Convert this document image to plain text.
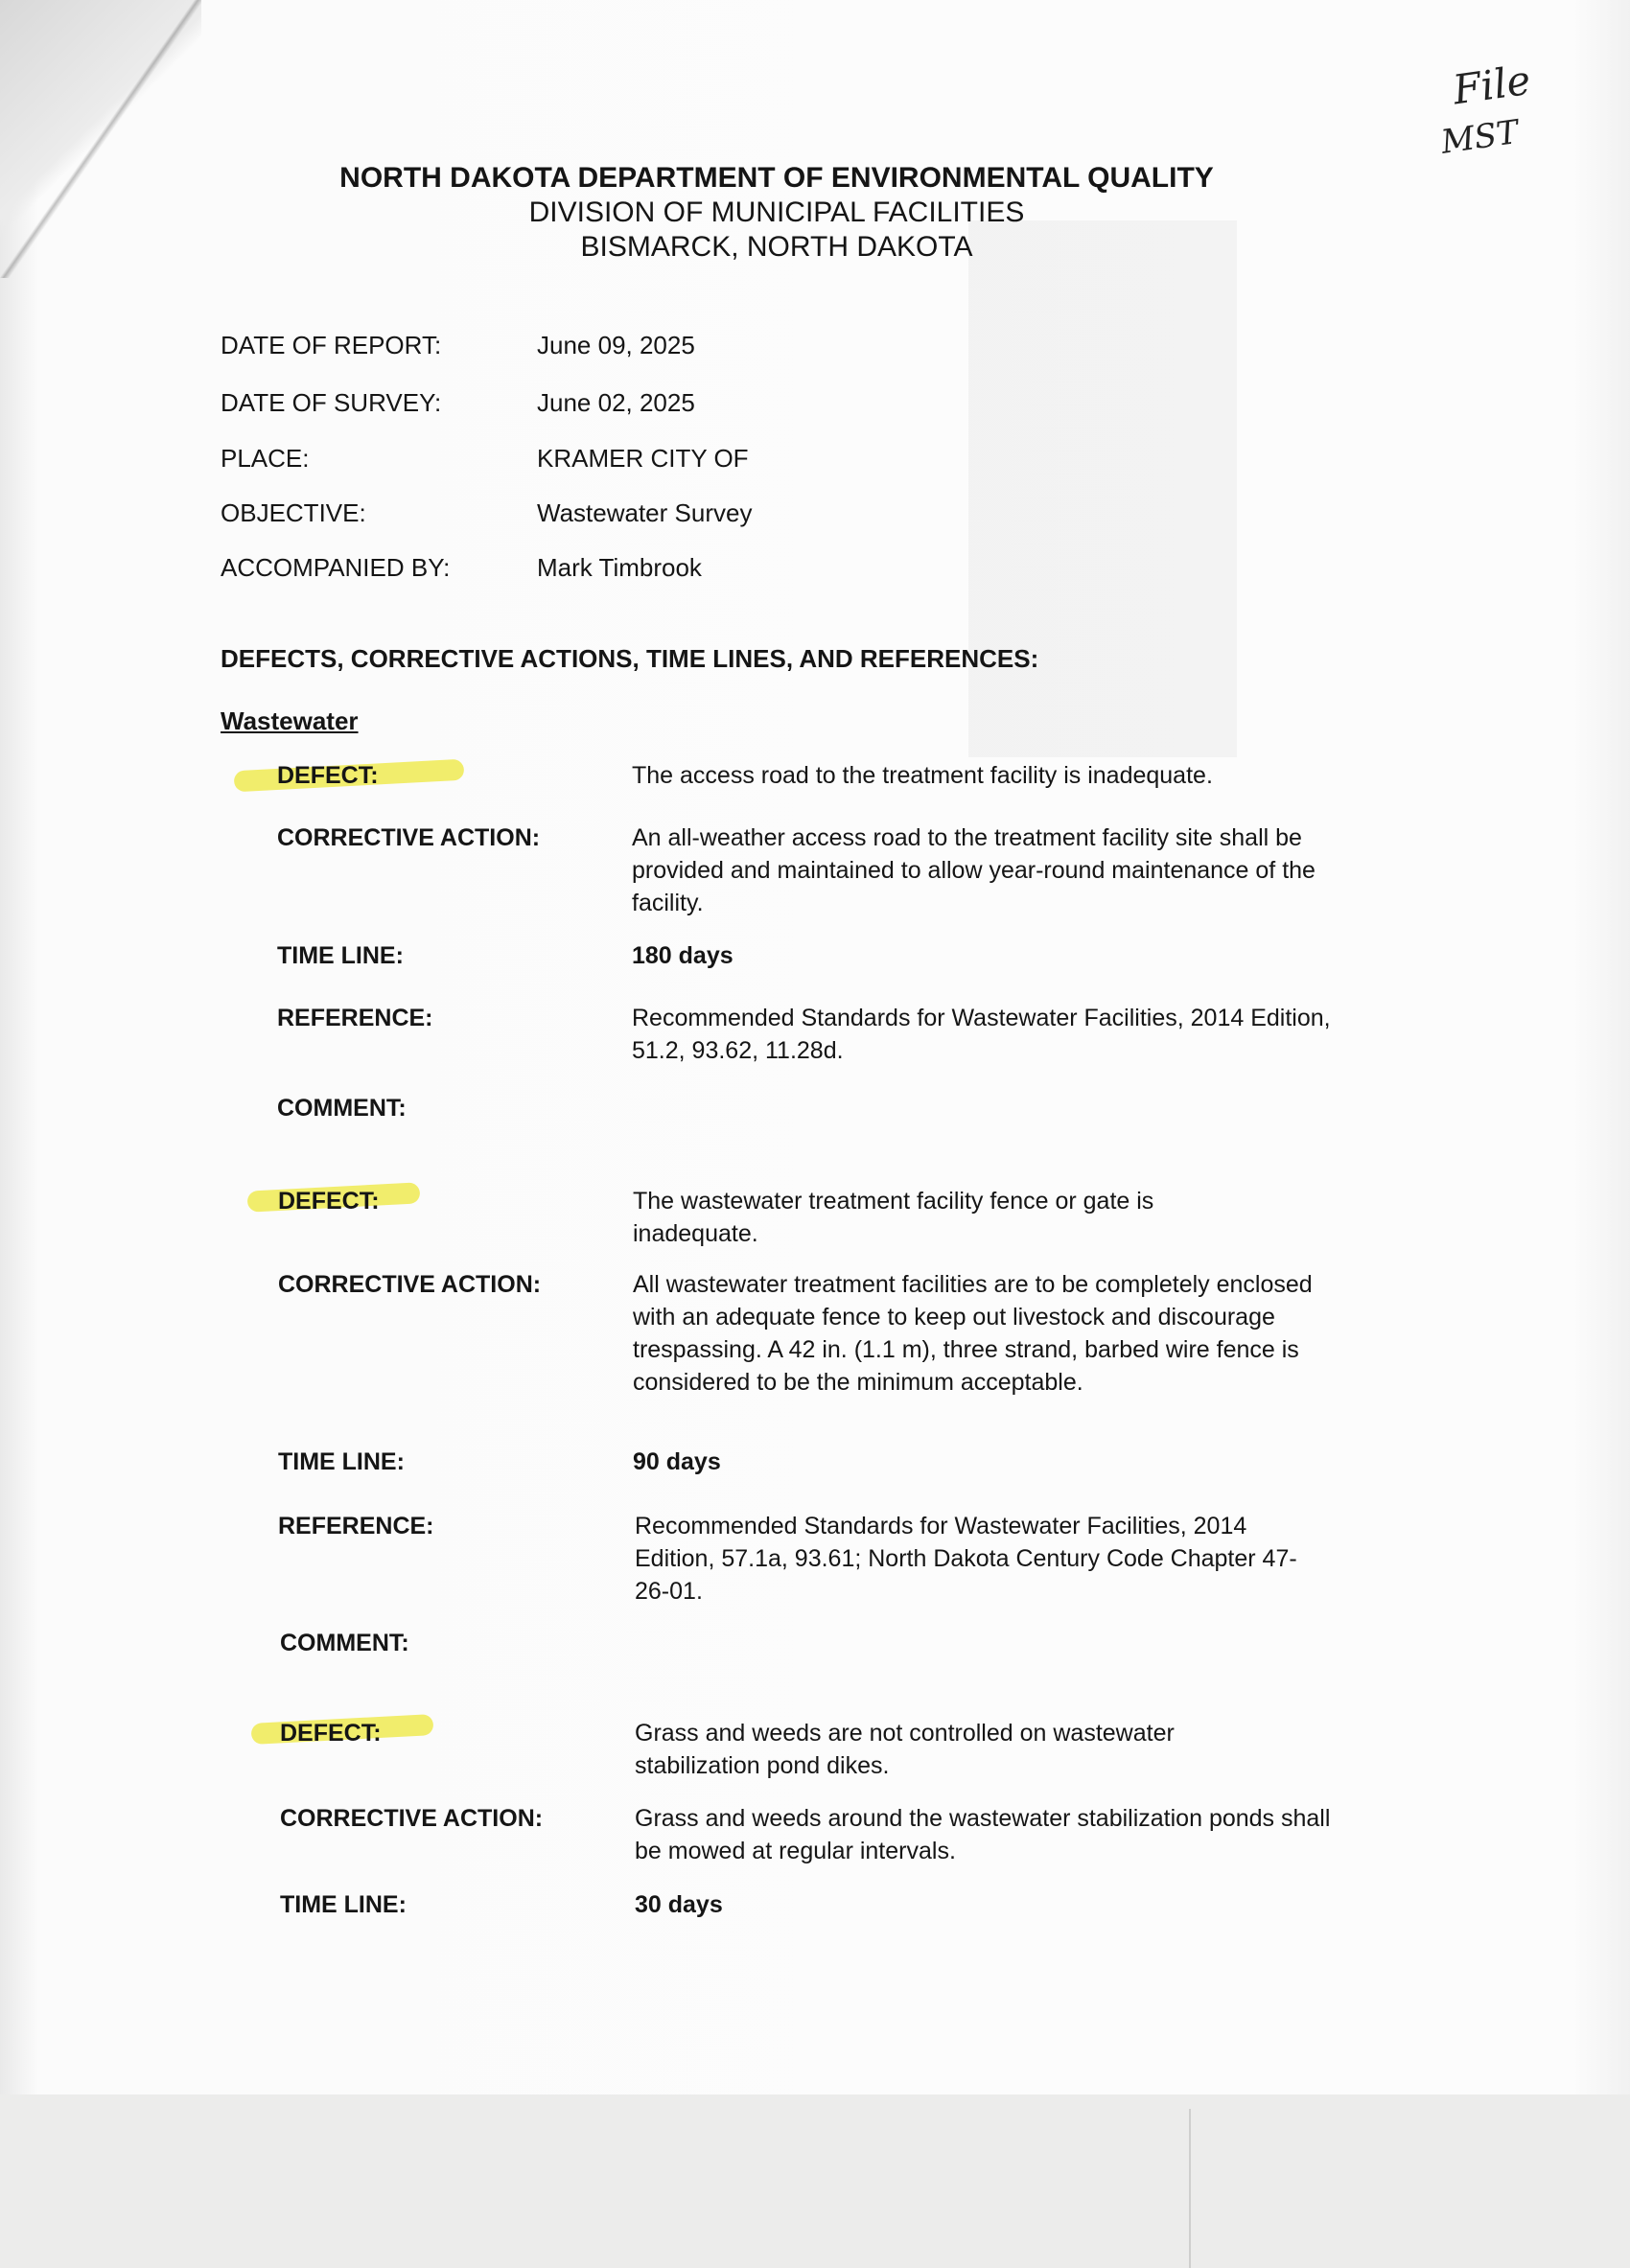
File
MST
NORTH DAKOTA DEPARTMENT OF ENVIRONMENTAL QUALITY
DIVISION OF MUNICIPAL FACILITIES
BISMARCK, NORTH DAKOTA
DATE OF REPORT:	June 09, 2025
DATE OF SURVEY:	June 02, 2025
PLACE:	KRAMER CITY OF
OBJECTIVE:	Wastewater Survey
ACCOMPANIED BY:	Mark Timbrook
DEFECTS, CORRECTIVE ACTIONS, TIME LINES, AND REFERENCES:
Wastewater
DEFECT:	The access road to the treatment facility is inadequate.
CORRECTIVE ACTION:	An all-weather access road to the treatment facility site shall be provided and maintained to allow year-round maintenance of the facility.
TIME LINE:	180 days
REFERENCE:	Recommended Standards for Wastewater Facilities, 2014 Edition, 51.2, 93.62, 11.28d.
COMMENT:
DEFECT:	The wastewater treatment facility fence or gate is inadequate.
CORRECTIVE ACTION:	All wastewater treatment facilities are to be completely enclosed with an adequate fence to keep out livestock and discourage trespassing. A 42 in. (1.1 m), three strand, barbed wire fence is considered to be the minimum acceptable.
TIME LINE:	90 days
REFERENCE:	Recommended Standards for Wastewater Facilities, 2014 Edition, 57.1a, 93.61; North Dakota Century Code Chapter 47-26-01.
COMMENT:
DEFECT:	Grass and weeds are not controlled on wastewater stabilization pond dikes.
CORRECTIVE ACTION:	Grass and weeds around the wastewater stabilization ponds shall be mowed at regular intervals.
TIME LINE:	30 days
